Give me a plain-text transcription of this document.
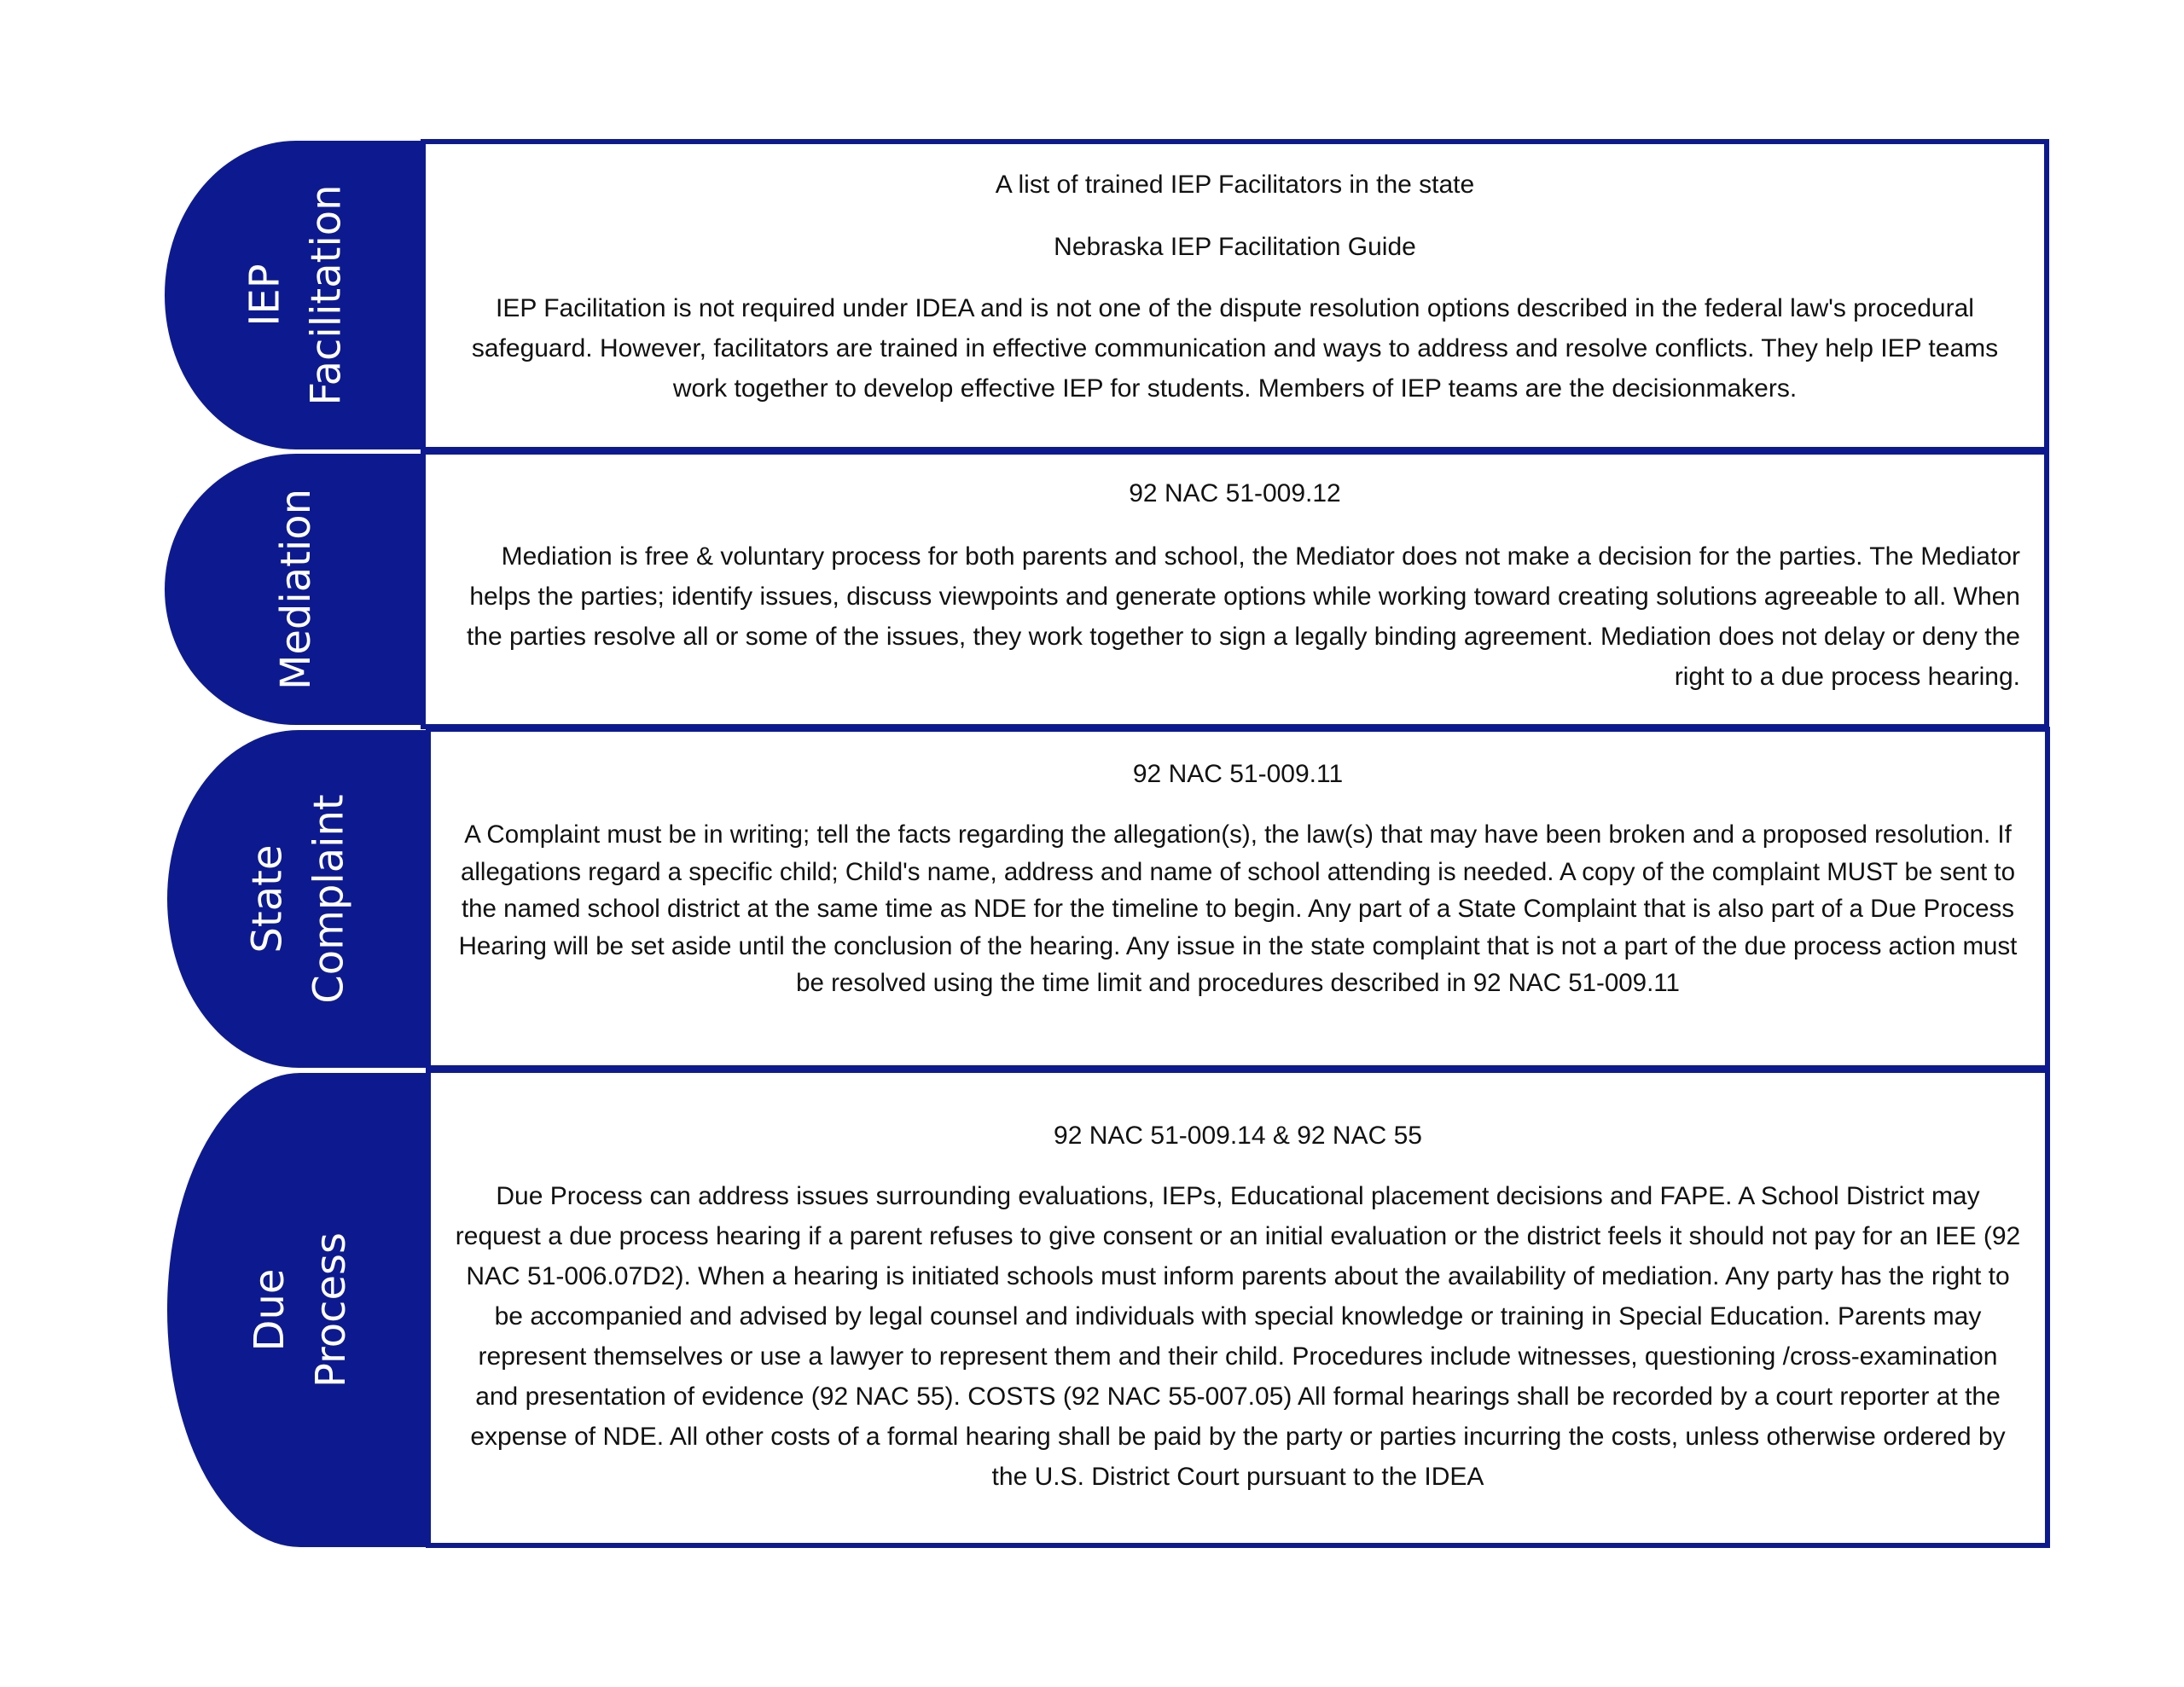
IEP Facilitation	A list of trained IEP Facilitators in the state

Nebraska IEP Facilitation Guide

IEP Facilitation is not required under IDEA and is not one of the dispute resolution options described in the federal law's procedural safeguard. However, facilitators are trained in effective communication and ways to address and resolve conflicts. They help IEP teams work together to develop effective IEP for students. Members of IEP teams are the decisionmakers.

Mediation	92 NAC 51-009.12

Mediation is free & voluntary process for both parents and school, the Mediator does not make a decision for the parties. The Mediator helps the parties; identify issues, discuss viewpoints and generate options while working toward creating solutions agreeable to all. When the parties resolve all or some of the issues, they work together to sign a legally binding agreement. Mediation does not delay or deny the right to a due process hearing.

State Complaint

92 NAC 51-009.11

A Complaint must be in writing; tell the facts regarding the allegation(s), the law(s) that may have been broken and a proposed resolution. If allegations regard a specific child; Child's name, address and name of school attending is needed. A copy of the complaint MUST be sent to the named school district at the same time as NDE for the timeline to begin. Any part of a State Complaint that is also part of a Due Process Hearing will be set aside until the conclusion of the hearing. Any issue in the state complaint that is not a part of the due process action must be resolved using the time limit and procedures described in 92 NAC 51-009.11

Due Process

92 NAC 51-009.14 & 92 NAC 55

Due Process can address issues surrounding evaluations, IEPs, Educational placement decisions and FAPE. A School District may request a due process hearing if a parent refuses to give consent or an initial evaluation or the district feels it should not pay for an IEE (92 NAC 51-006.07D2). When a hearing is initiated schools must inform parents about the availability of mediation. Any party has the right to be accompanied and advised by legal counsel and individuals with special knowledge or training in Special Education. Parents may represent themselves or use a lawyer to represent them and their child. Procedures include witnesses, questioning /cross-examination and presentation of evidence (92 NAC 55). COSTS (92 NAC 55-007.05) All formal hearings shall be recorded by a court reporter at the expense of NDE. All other costs of a formal hearing shall be paid by the party or parties incurring the costs, unless otherwise ordered by the U.S. District Court pursuant to the IDEA
